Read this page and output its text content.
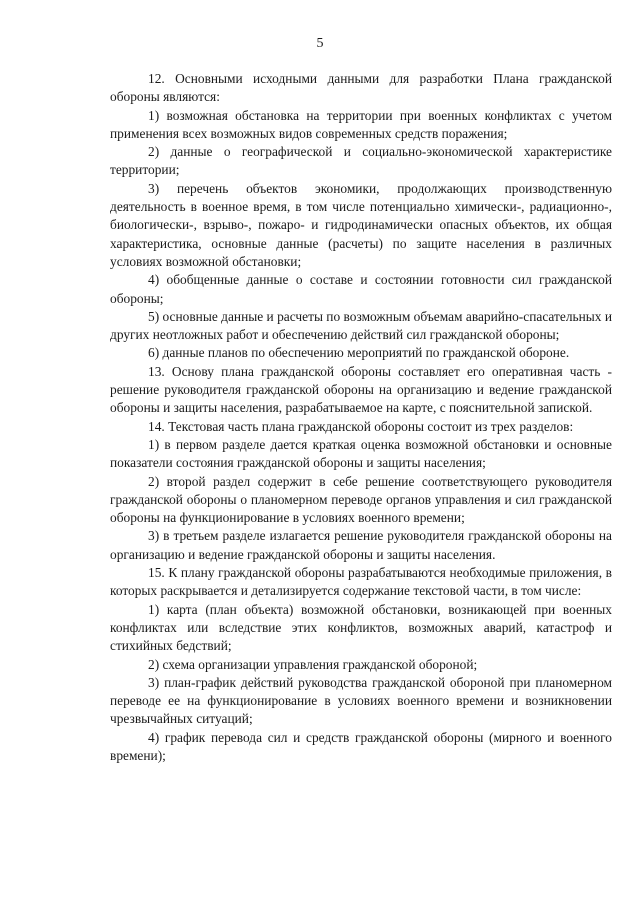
5

12. Основными исходными данными для разработки Плана гражданской обороны являются:

1) возможная обстановка на территории при военных конфликтах с учетом применения всех возможных видов современных средств поражения;

2) данные о географической и социально-экономической характеристике территории;

3) перечень объектов экономики, продолжающих производственную деятельность в военное время, в том числе потенциально химически-, радиационно-, биологически-, взрыво-, пожаро- и гидродинамически опасных объектов, их общая характеристика, основные данные (расчеты) по защите населения в различных условиях возможной обстановки;

4) обобщенные данные о составе и состоянии готовности сил гражданской обороны;

5) основные данные и расчеты по возможным объемам аварийно-спасательных и других неотложных работ и обеспечению действий сил гражданской обороны;

6) данные планов по обеспечению мероприятий по гражданской обороне.

13. Основу плана гражданской обороны составляет его оперативная часть - решение руководителя гражданской обороны на организацию и ведение гражданской обороны и защиты населения, разрабатываемое на карте, с пояснительной запиской.

14. Текстовая часть плана гражданской обороны состоит из трех разделов:

1) в первом разделе дается краткая оценка возможной обстановки и основные показатели состояния гражданской обороны и защиты населения;

2) второй раздел содержит в себе решение соответствующего руководителя гражданской обороны о планомерном переводе органов управления и сил гражданской обороны на функционирование в условиях военного времени;

3) в третьем разделе излагается решение руководителя гражданской обороны на организацию и ведение гражданской обороны и защиты населения.

15. К плану гражданской обороны разрабатываются необходимые приложения, в которых раскрывается и детализируется содержание текстовой части, в том числе:

1) карта (план объекта) возможной обстановки, возникающей при военных конфликтах или вследствие этих конфликтов, возможных аварий, катастроф и стихийных бедствий;

2) схема организации управления гражданской обороной;

3) план-график действий руководства гражданской обороной при планомерном переводе ее на функционирование в условиях военного времени и возникновении чрезвычайных ситуаций;

4) график перевода сил и средств гражданской обороны (мирного и военного времени);
